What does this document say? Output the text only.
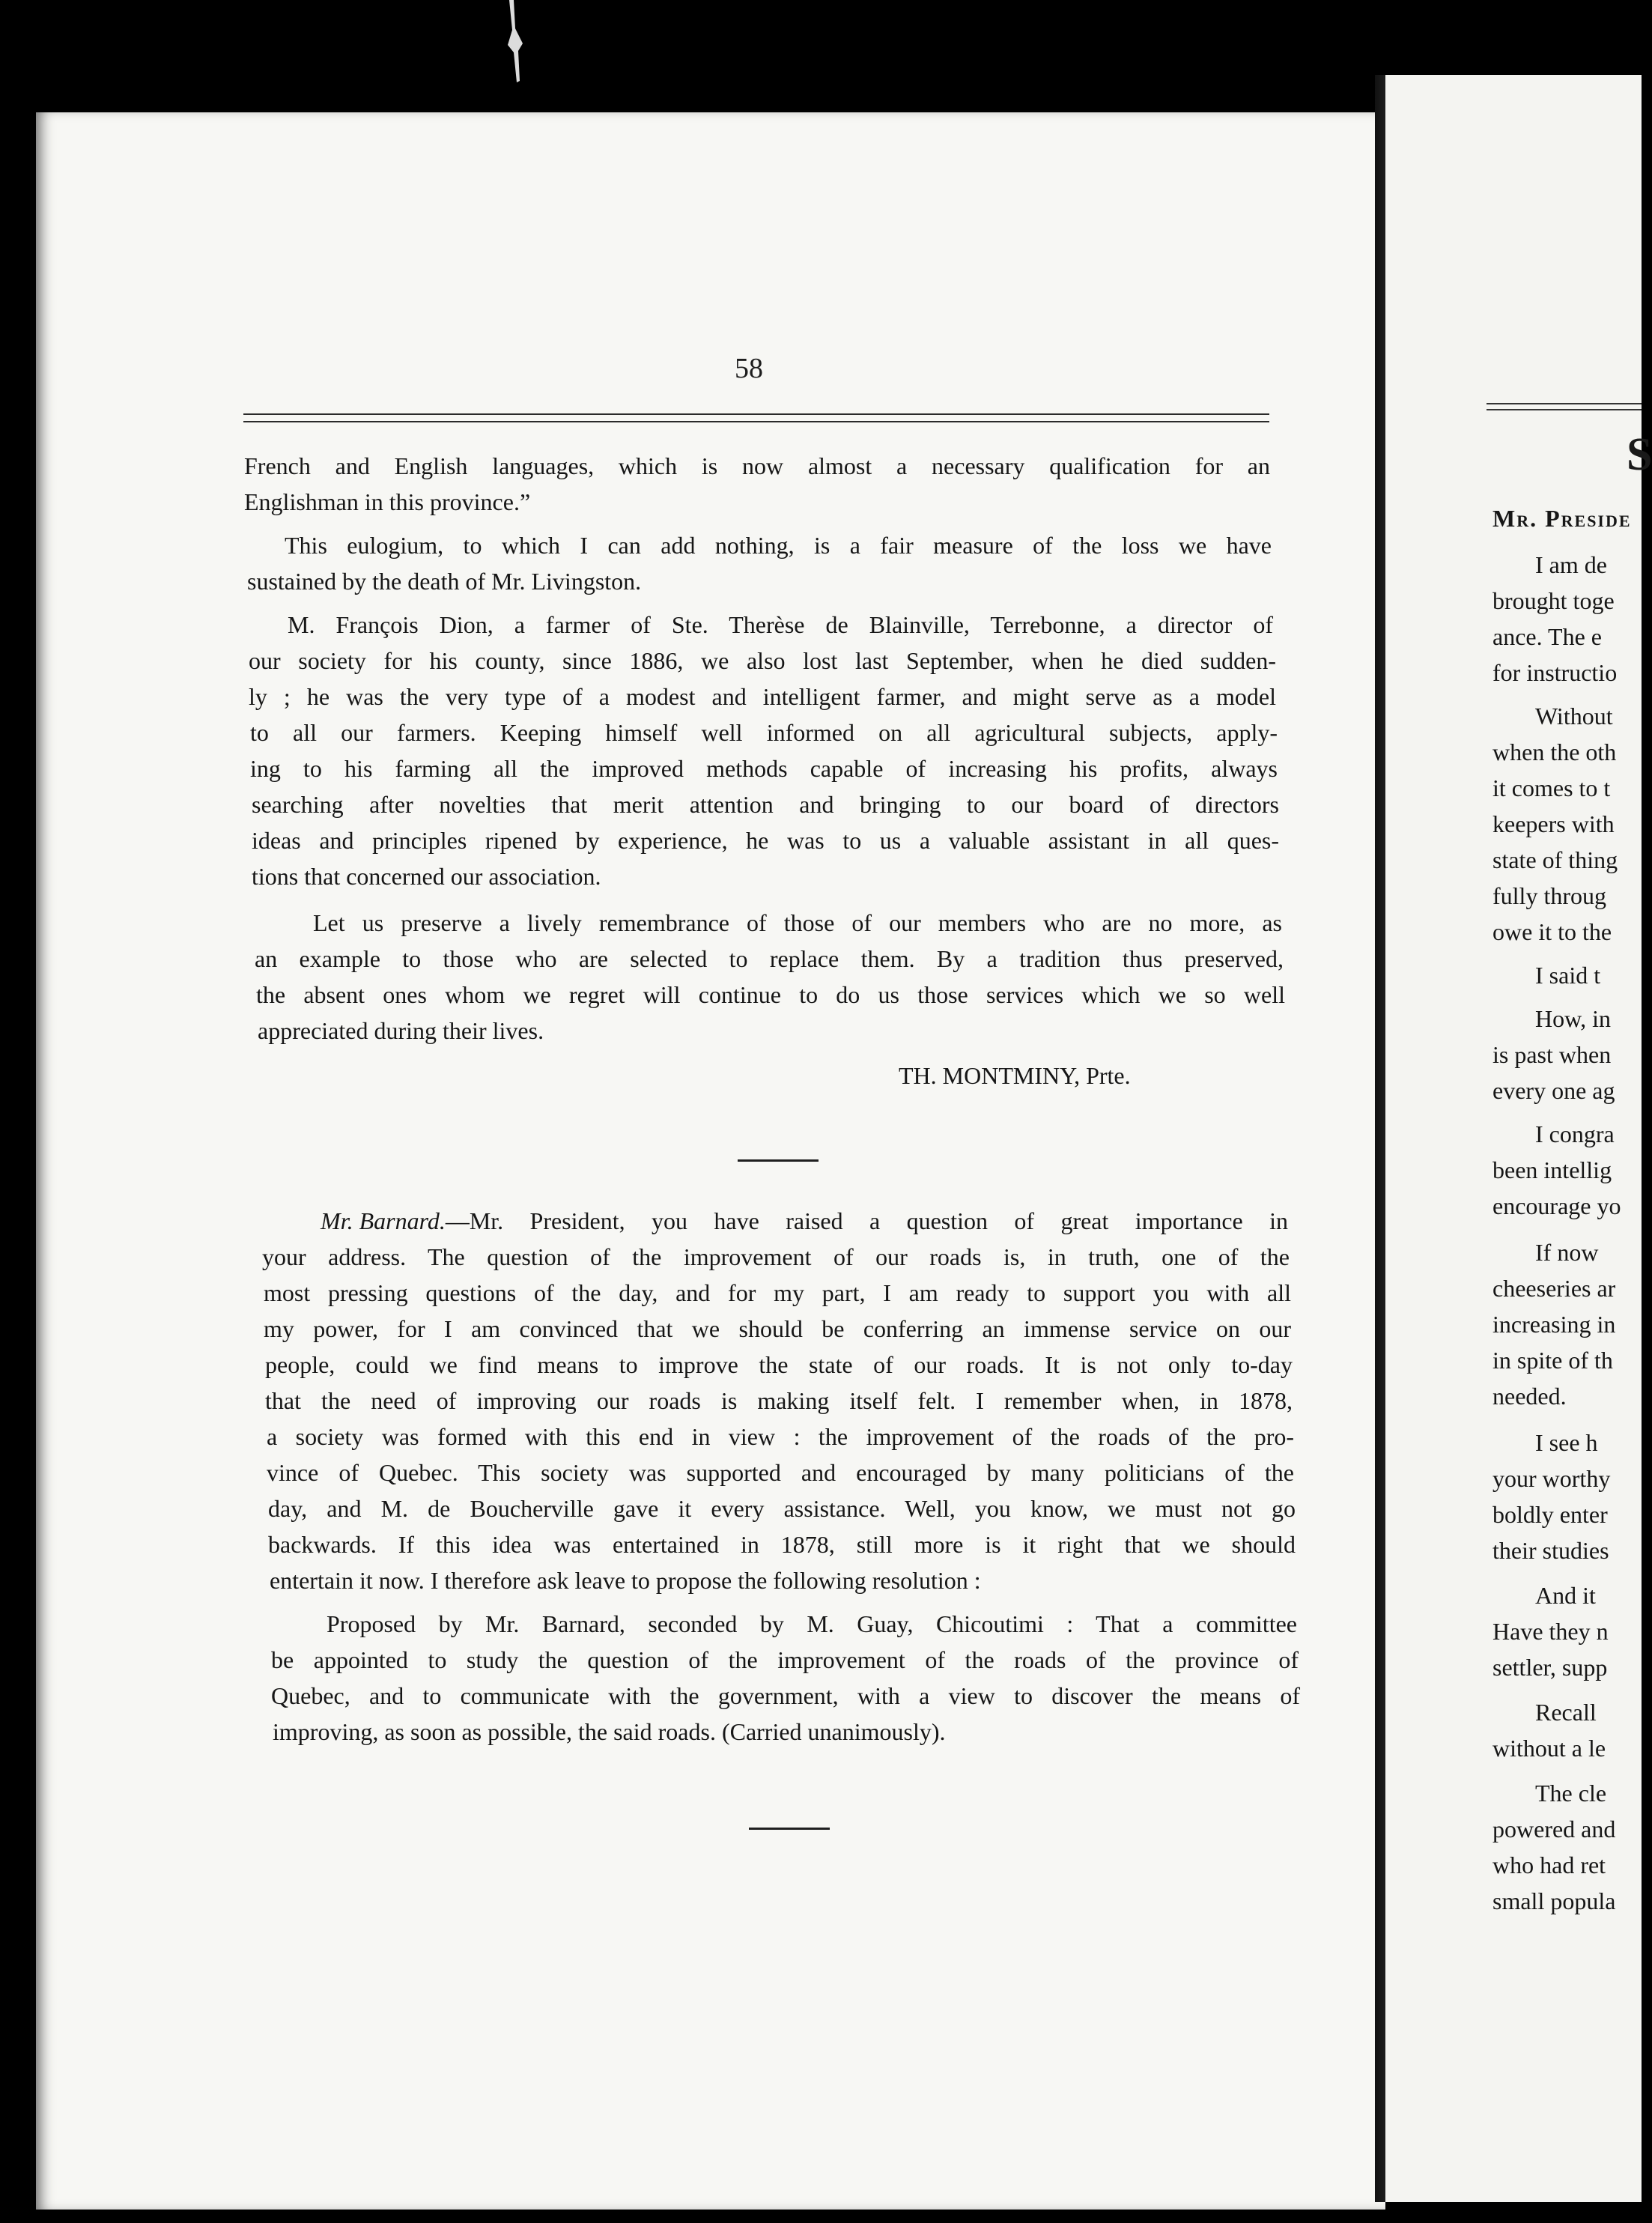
58
French and English languages, which is now almost a necessary qualification for an
Englishman in this province.”
This eulogium, to which I can add nothing, is a fair measure of the loss we have
sustained by the death of Mr. Livingston.
M. François Dion, a farmer of Ste. Therèse de Blainville, Terrebonne, a director of
our society for his county, since 1886, we also lost last September, when he died sudden-
ly ; he was the very type of a modest and intelligent farmer, and might serve as a model
to all our farmers. Keeping himself well informed on all agricultural subjects, apply-
ing to his farming all the improved methods capable of increasing his profits, always
searching after novelties that merit attention and bringing to our board of directors
ideas and principles ripened by experience, he was to us a valuable assistant in all ques-
tions that concerned our association.
Let us preserve a lively remembrance of those of our members who are no more, as
an example to those who are selected to replace them. By a tradition thus preserved,
the absent ones whom we regret will continue to do us those services which we so well
appreciated during their lives.
TH. MONTMINY, Prte.
Mr. Barnard. —Mr. President, you have raised a question of great importance in
your address. The question of the improvement of our roads is, in truth, one of the
most pressing questions of the day, and for my part, I am ready to support you with all
my power, for I am convinced that we should be conferring an immense service on our
people, could we find means to improve the state of our roads. It is not only to-day
that the need of improving our roads is making itself felt. I remember when, in 1878,
a society was formed with this end in view : the improvement of the roads of the pro-
vince of Quebec. This society was supported and encouraged by many politicians of the
day, and M. de Boucherville gave it every assistance. Well, you know, we must not go
backwards. If this idea was entertained in 1878, still more is it right that we should
entertain it now. I therefore ask leave to propose the following resolution :
Proposed by Mr. Barnard, seconded by M. Guay, Chicoutimi : That a committee
be appointed to study the question of the improvement of the roads of the province of
Quebec, and to communicate with the government, with a view to discover the means of
improving, as soon as possible, the said roads. (Carried unanimously).
S
Mr. Preside
I am de
brought toge
ance. The e
for instructio
Without
when the oth
it comes to t
keepers with
state of thing
fully throug
owe it to the
I said t
How, in
is past when
every one ag
I congra
been intellig
encourage yo
If now
cheeseries ar
increasing in
in spite of th
needed.
I see h
your worthy
boldly enter
their studies
And it
Have they n
settler, supp
Recall
without a le
The cle
powered and
who had ret
small popula
